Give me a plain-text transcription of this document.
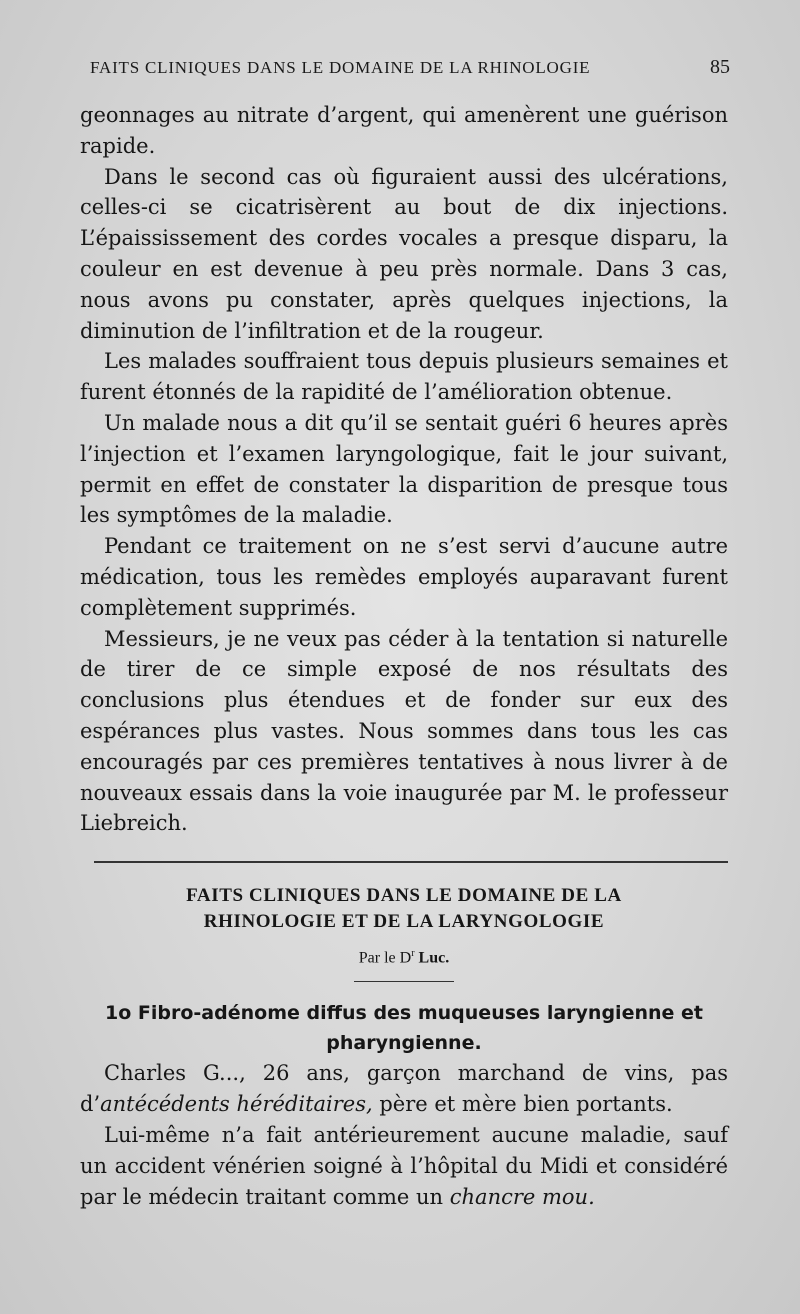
FAITS CLINIQUES DANS LE DOMAINE DE LA RHINOLOGIE	85

geonnages au nitrate d’argent, qui amenèrent une guérison rapide.

Dans le second cas où figuraient aussi des ulcérations, celles-ci se cicatrisèrent au bout de dix injections. L’épaississement des cordes vocales a presque disparu, la couleur en est devenue à peu près normale. Dans 3 cas, nous avons pu constater, après quelques injections, la diminution de l’infiltration et de la rougeur.

Les malades souffraient tous depuis plusieurs semaines et furent étonnés de la rapidité de l’amélioration obtenue.

Un malade nous a dit qu’il se sentait guéri 6 heures après l’injection et l’examen laryngologique, fait le jour suivant, permit en effet de constater la disparition de presque tous les symptômes de la maladie.

Pendant ce traitement on ne s’est servi d’aucune autre médication, tous les remèdes employés auparavant furent complètement supprimés.

Messieurs, je ne veux pas céder à la tentation si naturelle de tirer de ce simple exposé de nos résultats des conclusions plus étendues et de fonder sur eux des espérances plus vastes. Nous sommes dans tous les cas encouragés par ces premières tentatives à nous livrer à de nouveaux essais dans la voie inaugurée par M. le professeur Liebreich.

FAITS CLINIQUES DANS LE DOMAINE DE LA
RHINOLOGIE ET DE LA LARYNGOLOGIE
Par le $D^r$ Luc.
1o Fibro-adénome diffus des muqueuses laryngienne et
pharyngienne.

Charles G..., 26 ans, garçon marchand de vins, pas d’antécédents héréditaires, père et mère bien portants.

Lui-même n’a fait antérieurement aucune maladie, sauf un accident vénérien soigné à l’hôpital du Midi et considéré par le médecin traitant comme un chancre mou.
